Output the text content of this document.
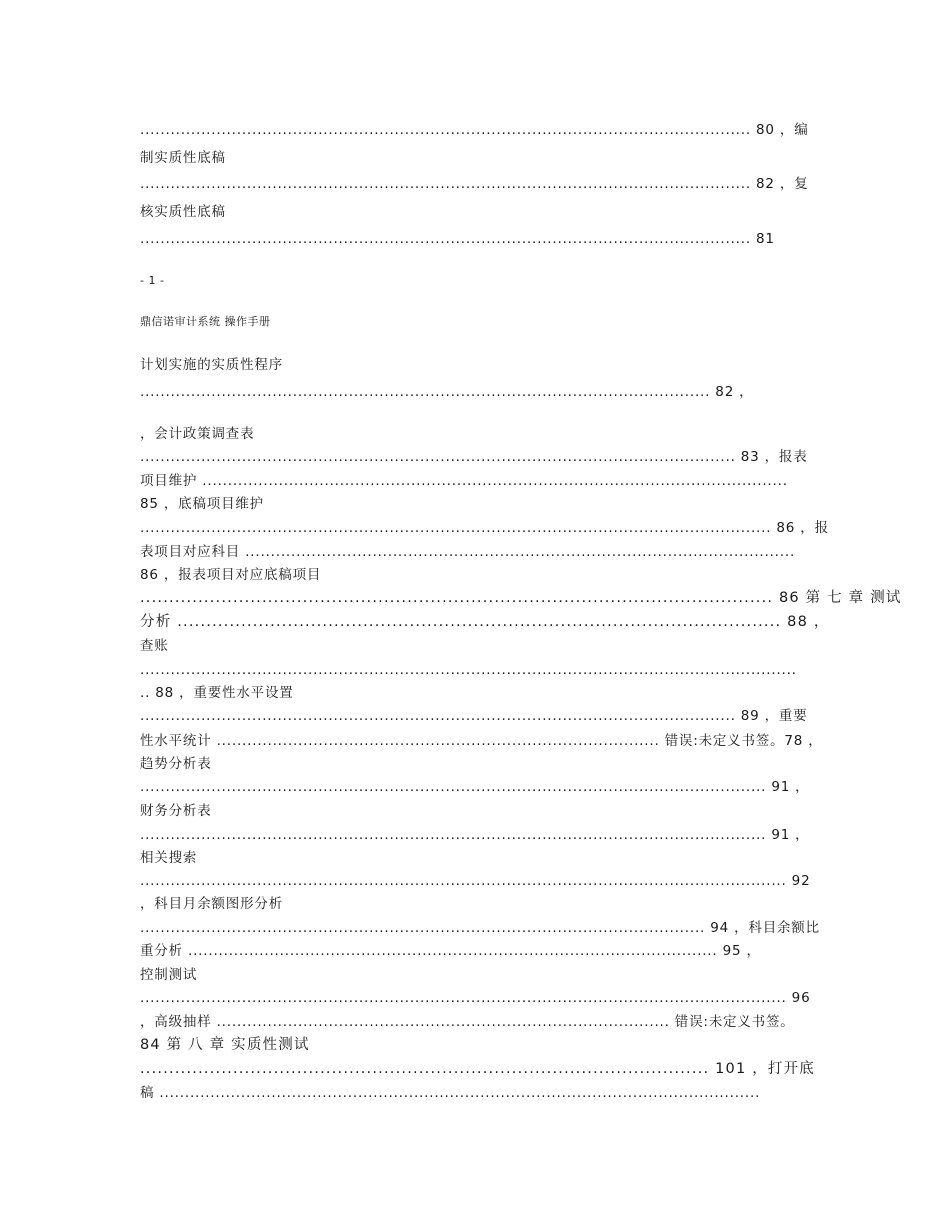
........................................................................................................................ 80 ，编

制实质性底稿

........................................................................................................................ 82 ，复

核实质性底稿

........................................................................................................................ 81

- 1 -

鼎信诺审计系统 操作手册

计划实施的实质性程序

................................................................................................................ 82 ，

，会计政策调查表

..................................................................................................................... 83 ，报表

项目维护 ...................................................................................................................

85 ，底稿项目维护

............................................................................................................................ 86 ，报

表项目对应科目 ............................................................................................................

86 ，报表项目对应底稿项目

............................................................................................................. 86 第 七 章 测试

分析 ........................................................................................................ 88 ，

查账

.................................................................................................................................

.. 88 ，重要性水平设置

..................................................................................................................... 89 ，重要

性水平统计 ....................................................................................... 错误:未定义书签。78 ，

趋势分析表

........................................................................................................................... 91 ，

财务分析表

........................................................................................................................... 91 ，

相关搜索

............................................................................................................................... 92

，科目月余额图形分析

............................................................................................................... 94 ，科目余额比

重分析 ........................................................................................................ 95 ，

控制测试

............................................................................................................................... 96

，高级抽样 ......................................................................................... 错误:未定义书签。

84 第 八 章 实质性测试

.................................................................................................. 101 ，打开底

稿 ......................................................................................................................
